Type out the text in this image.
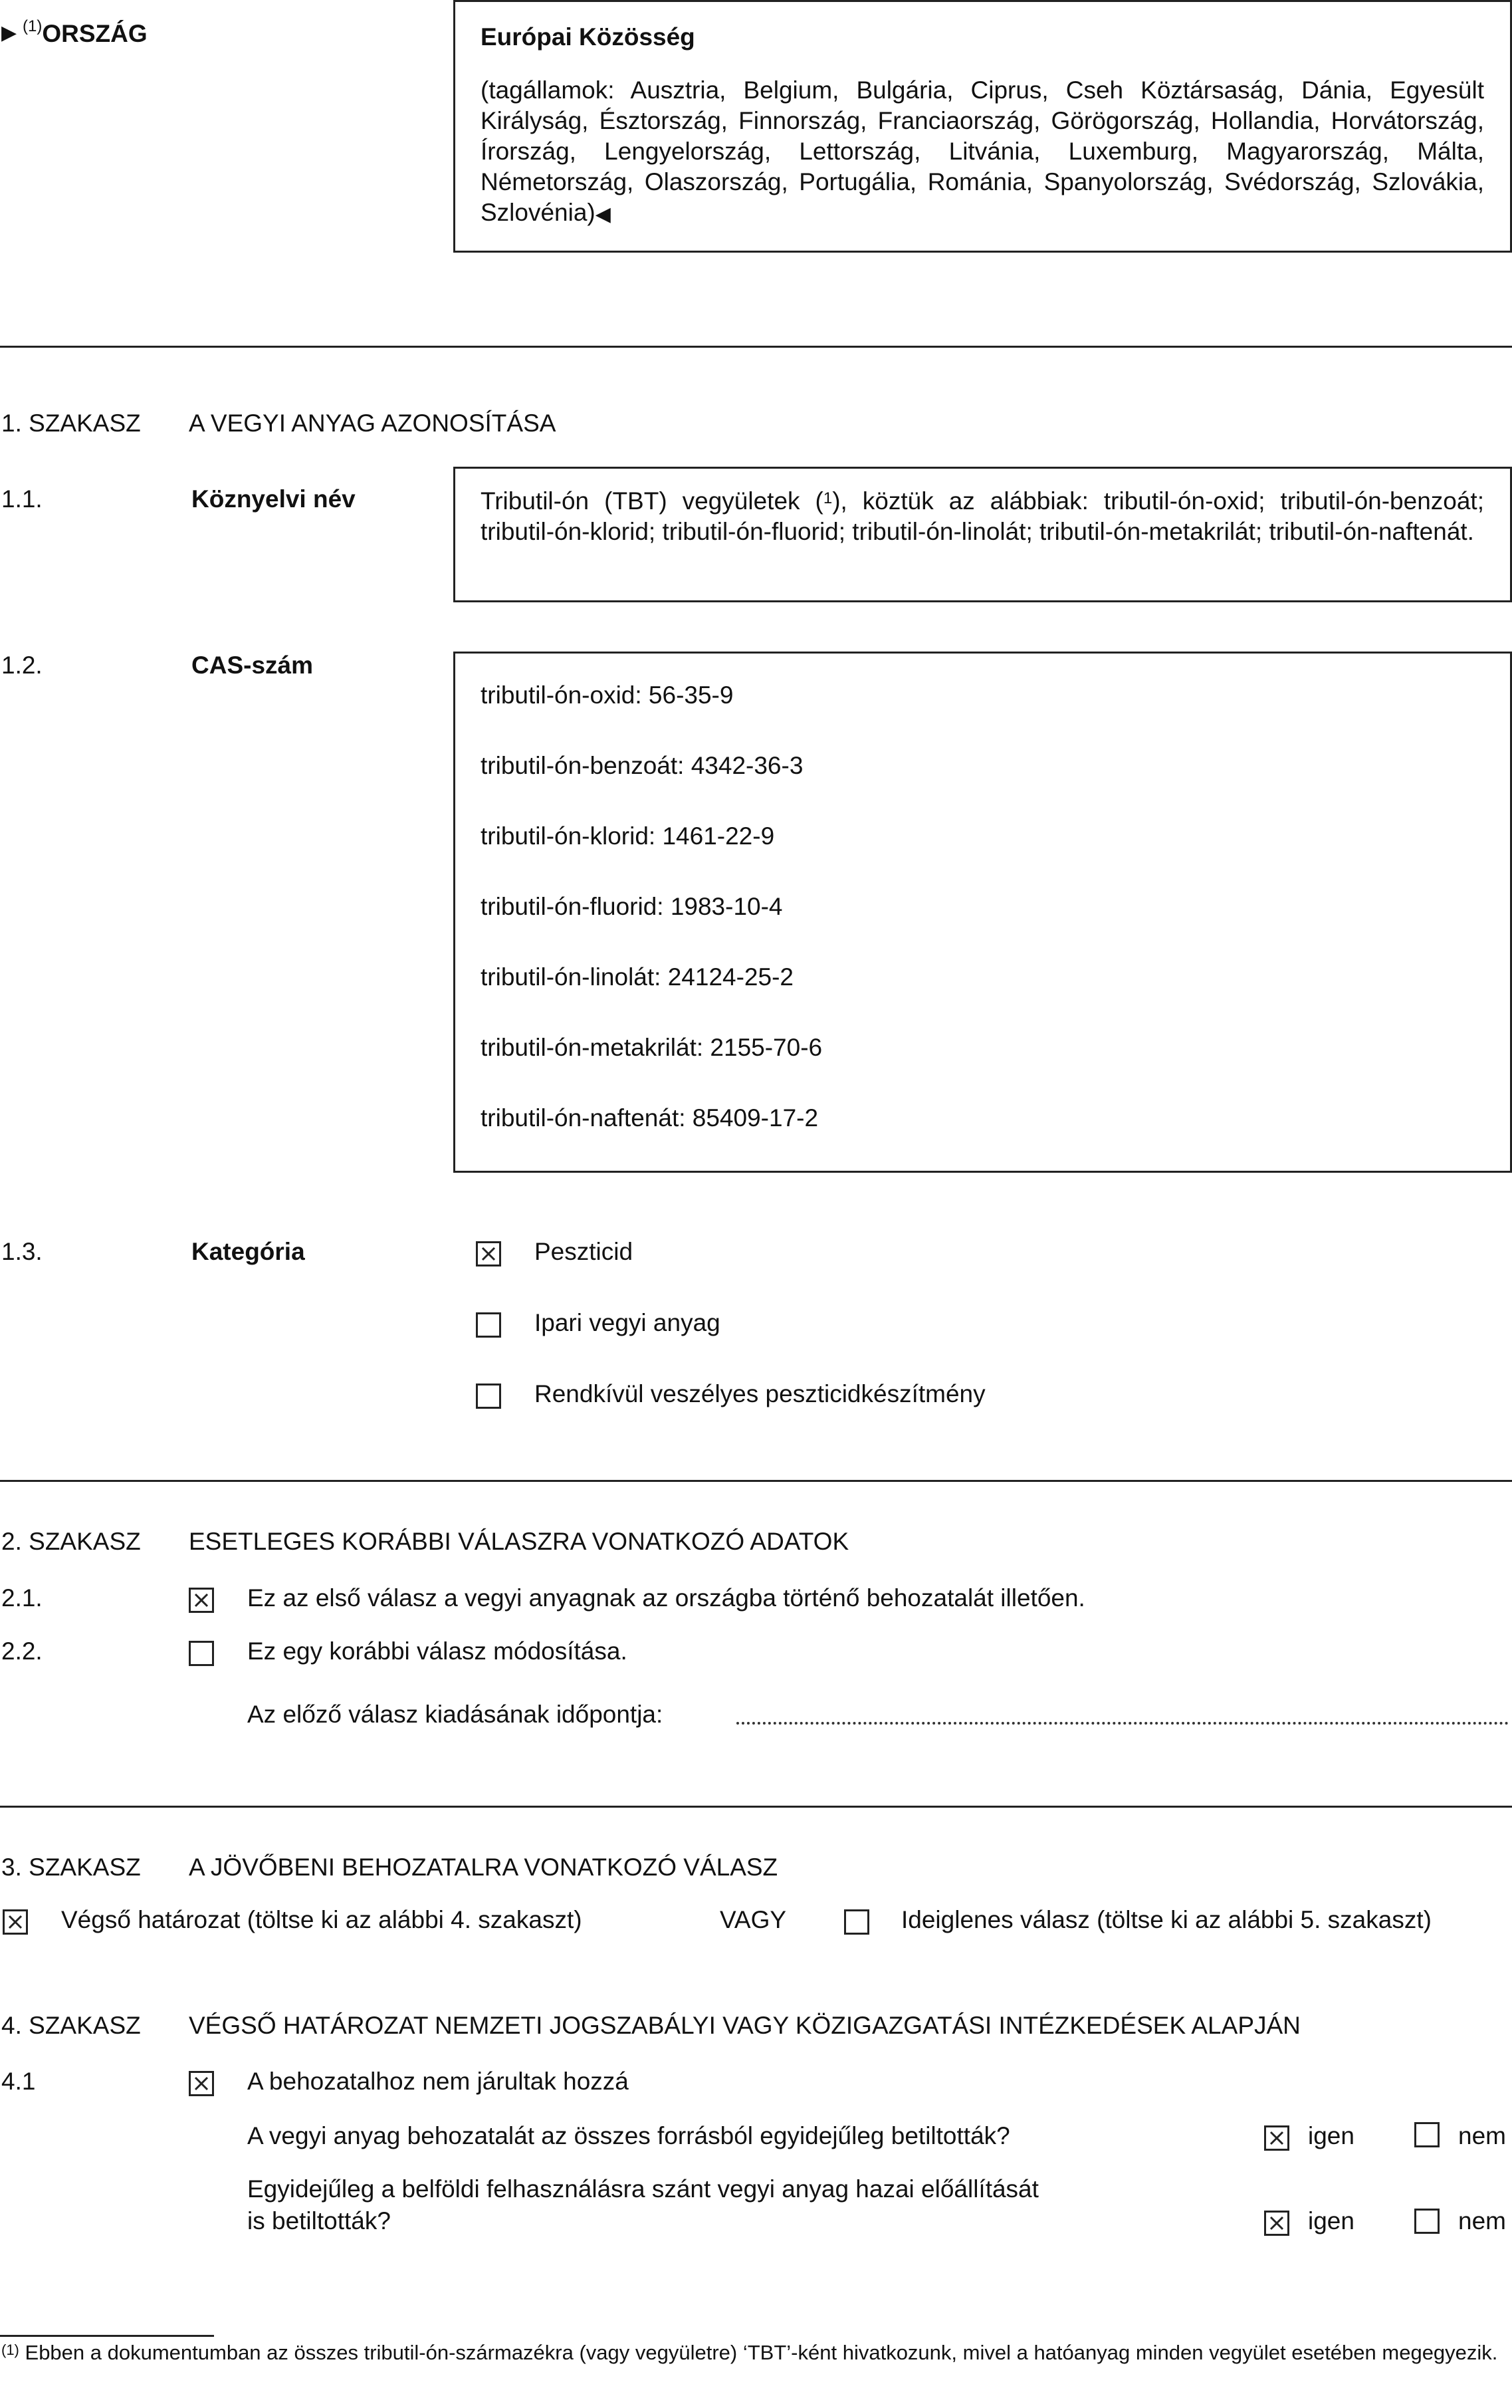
▶ $^{(1)}$ORSZÁG	Európai Közösség
(tagállamok: Ausztria, Belgium, Bulgária, Ciprus, Cseh Köztársaság, Dánia, Egyesült Királyság, Észtország, Finnország, Franciaország, Görögország, Hollandia, Horvátország, Írország, Lengyelország, Lettország, Litvánia, Luxemburg, Magyarország, Málta, Németország, Olaszország, Portugália, Románia, Spanyolország, Svédország, Szlovákia, Szlovénia)◀
1. SZAKASZ A VEGYI ANYAG AZONOSÍTÁSA
1.1.	Köznyelvi név	Tributil-ón (TBT) vegyületek ($^1$), köztük az alábbiak: tributil-ón-oxid; tributil-ón-benzoát; tributil-ón-klorid; tributil-ón-fluorid; tributil-ón-linolát; tributil-ón-metakrilát; tributil-ón-naftenát.
1.2.	CAS-szám
tributil-ón-oxid: 56-35-9
tributil-ón-benzoát: 4342-36-3
tributil-ón-klorid: 1461-22-9
tributil-ón-fluorid: 1983-10-4
tributil-ón-linolát: 24124-25-2
tributil-ón-metakrilát: 2155-70-6
tributil-ón-naftenát: 85409-17-2
1.3.	Kategória	Peszticid
Ipari vegyi anyag
Rendkívül veszélyes peszticidkészítmény
2. SZAKASZ ESETLEGES KORÁBBI VÁLASZRA VONATKOZÓ ADATOK
2.1.	Ez az első válasz a vegyi anyagnak az országba történő behozatalát illetően.
2.2.	Ez egy korábbi válasz módosítása.
Az előző válasz kiadásának időpontja:
3. SZAKASZ A JÖVŐBENI BEHOZATALRA VONATKOZÓ VÁLASZ
Végső határozat (töltse ki az alábbi 4. szakaszt)	VAGY	Ideiglenes válasz (töltse ki az alábbi 5. szakaszt)
4. SZAKASZ VÉGSŐ HATÁROZAT NEMZETI JOGSZABÁLYI VAGY KÖZIGAZGATÁSI INTÉZKEDÉSEK ALAPJÁN
4.1	A behozatalhoz nem járultak hozzá
A vegyi anyag behozatalát az összes forrásból egyidejűleg betiltották?	igen	nem
Egyidejűleg a belföldi felhasználásra szánt vegyi anyag hazai előállítását
is betiltották?	igen	nem
$^{(1)}$ Ebben a dokumentumban az összes tributil-ón-származékra (vagy vegyületre) ‘TBT’-ként hivatkozunk, mivel a hatóanyag minden vegyület esetében megegyezik.
